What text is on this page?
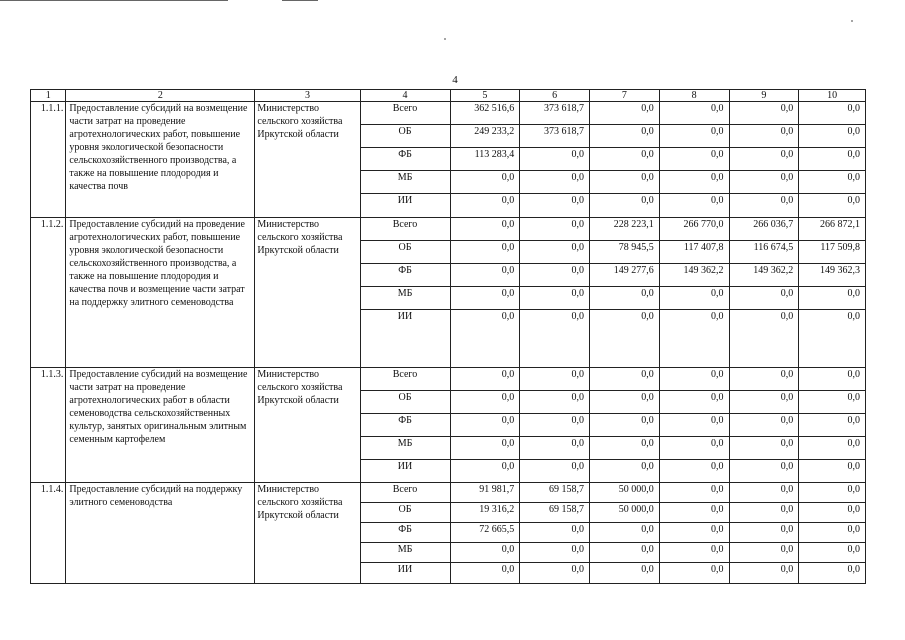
4
1	2	3	4	5	6	7	8	9	10
1.1.1.	Предоставление субсидий на возмещение части затрат на проведение агротехнологических работ, повышение уровня экологической безопасности сельскохозяйственного производства, а также на повышение плодородия и качества почв	Министерство сельского хозяйства Иркутской области	Всего	362 516,6	373 618,7	0,0	0,0	0,0	0,0
			ОБ	249 233,2	373 618,7	0,0	0,0	0,0	0,0
			ФБ	113 283,4	0,0	0,0	0,0	0,0	0,0
			МБ	0,0	0,0	0,0	0,0	0,0	0,0
			ИИ	0,0	0,0	0,0	0,0	0,0	0,0
1.1.2.	Предоставление субсидий на проведение агротехнологических работ, повышение уровня экологической безопасности сельскохозяйственного производства, а также на повышение плодородия и качества почв и возмещение части затрат на поддержку элитного семеноводства	Министерство сельского хозяйства Иркутской области	Всего	0,0	0,0	228 223,1	266 770,0	266 036,7	266 872,1
			ОБ	0,0	0,0	78 945,5	117 407,8	116 674,5	117 509,8
			ФБ	0,0	0,0	149 277,6	149 362,2	149 362,2	149 362,3
			МБ	0,0	0,0	0,0	0,0	0,0	0,0
			ИИ	0,0	0,0	0,0	0,0	0,0	0,0
1.1.3.	Предоставление субсидий на возмещение части затрат на проведение агротехнологических работ в области семеноводства сельскохозяйственных культур, занятых оригинальным элитным семенным картофелем	Министерство сельского хозяйства Иркутской области	Всего	0,0	0,0	0,0	0,0	0,0	0,0
			ОБ	0,0	0,0	0,0	0,0	0,0	0,0
			ФБ	0,0	0,0	0,0	0,0	0,0	0,0
			МБ	0,0	0,0	0,0	0,0	0,0	0,0
			ИИ	0,0	0,0	0,0	0,0	0,0	0,0
1.1.4.	Предоставление субсидий на поддержку элитного семеноводства	Министерство сельского хозяйства Иркутской области	Всего	91 981,7	69 158,7	50 000,0	0,0	0,0	0,0
			ОБ	19 316,2	69 158,7	50 000,0	0,0	0,0	0,0
			ФБ	72 665,5	0,0	0,0	0,0	0,0	0,0
			МБ	0,0	0,0	0,0	0,0	0,0	0,0
			ИИ	0,0	0,0	0,0	0,0	0,0	0,0
